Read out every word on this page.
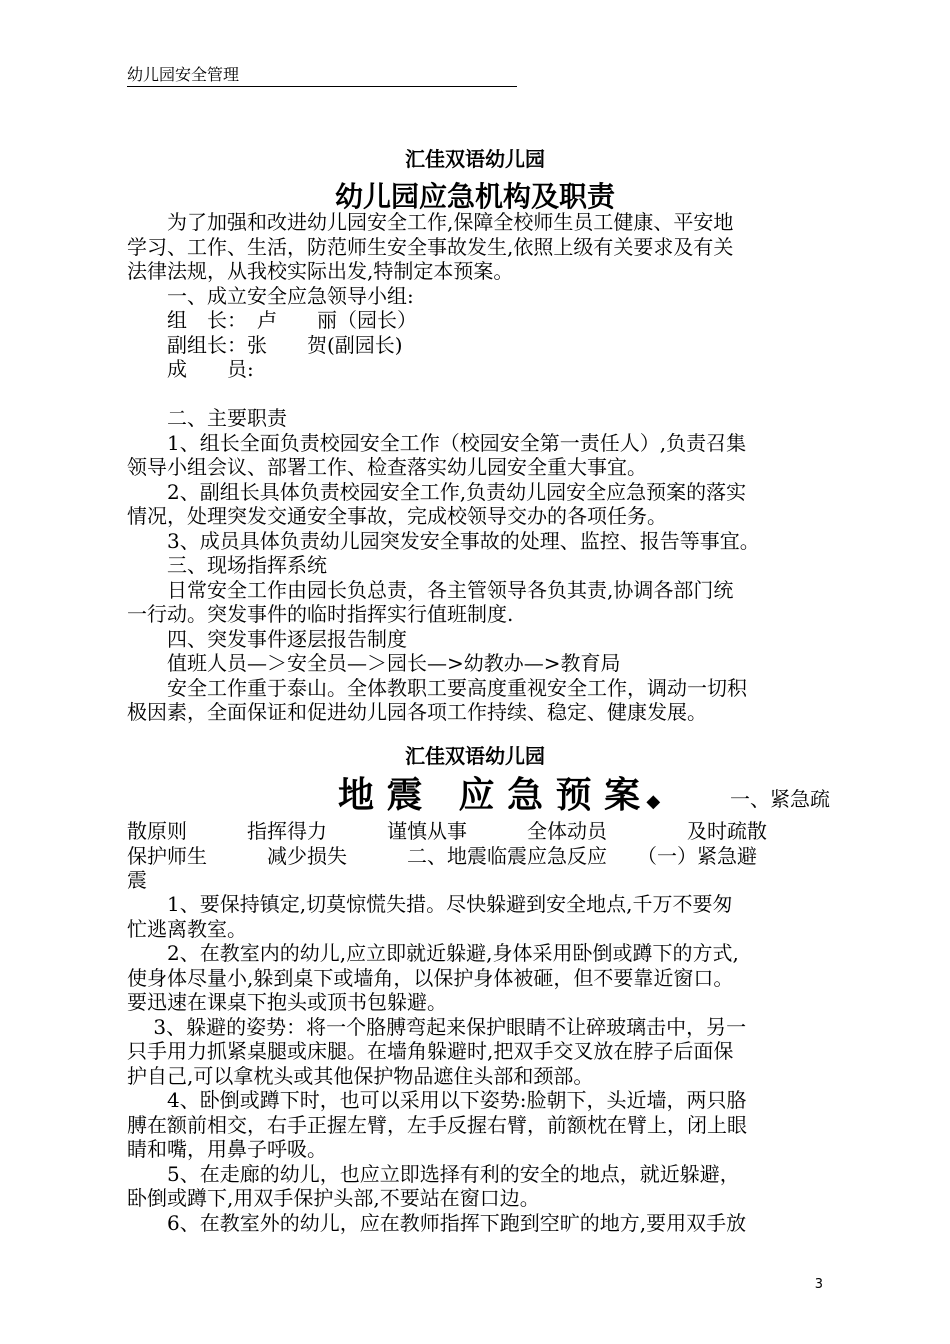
幼儿园安全管理
汇佳双语幼儿园
幼儿园应急机构及职责
　　为了加强和改进幼儿园安全工作,保障全校师生员工健康、平安地
学习、工作、生活，防范师生安全事故发生,依照上级有关要求及有关
法律法规，从我校实际出发,特制定本预案。
　　一、成立安全应急领导小组:
　　组　长：　卢　　丽（园长）
　　副组长：张　　贺(副园长)
　　成　　员:
　　二、主要职责
　　1、组长全面负责校园安全工作（校园安全第一责任人）,负责召集
领导小组会议、部署工作、检查落实幼儿园安全重大事宜。
　　2、副组长具体负责校园安全工作,负责幼儿园安全应急预案的落实
情况，处理突发交通安全事故，完成校领导交办的各项任务。
　　3、成员具体负责幼儿园突发安全事故的处理、监控、报告等事宜。
　　三、现场指挥系统
　　日常安全工作由园长负总责，各主管领导各负其责,协调各部门统
一行动。突发事件的临时指挥实行值班制度.
　　四、突发事件逐层报告制度
　　值班人员—＞安全员—＞园长—>幼教办—>教育局
　　安全工作重于泰山。全体教职工要高度重视安全工作，调动一切积
极因素，全面保证和促进幼儿园各项工作持续、稳定、健康发展。
汇佳双语幼儿园
地 震　应 急 预 案 ◆ 　一、紧急疏
散原则　　　指挥得力　　　谨慎从事　　　全体动员　　　　及时疏散
保护师生　　　减少损失　　　二、地震临震应急反应　　（一）紧急避
震
　　1、要保持镇定,切莫惊慌失措。尽快躲避到安全地点,千万不要匆
忙逃离教室。
　　2、在教室内的幼儿,应立即就近躲避,身体采用卧倒或蹲下的方式,
使身体尽量小,躲到桌下或墙角，以保护身体被砸，但不要靠近窗口。
要迅速在课桌下抱头或顶书包躲避。
　 3、躲避的姿势：将一个胳膊弯起来保护眼睛不让碎玻璃击中，另一
只手用力抓紧桌腿或床腿。在墙角躲避时,把双手交叉放在脖子后面保
护自己,可以拿枕头或其他保护物品遮住头部和颈部。
　　4、卧倒或蹲下时，也可以采用以下姿势:脸朝下，头近墙，两只胳
膊在额前相交，右手正握左臂，左手反握右臂，前额枕在臂上，闭上眼
睛和嘴，用鼻子呼吸。
　　5、在走廊的幼儿，也应立即选择有利的安全的地点，就近躲避，
卧倒或蹲下,用双手保护头部,不要站在窗口边。
　　6、在教室外的幼儿，应在教师指挥下跑到空旷的地方,要用双手放
3
